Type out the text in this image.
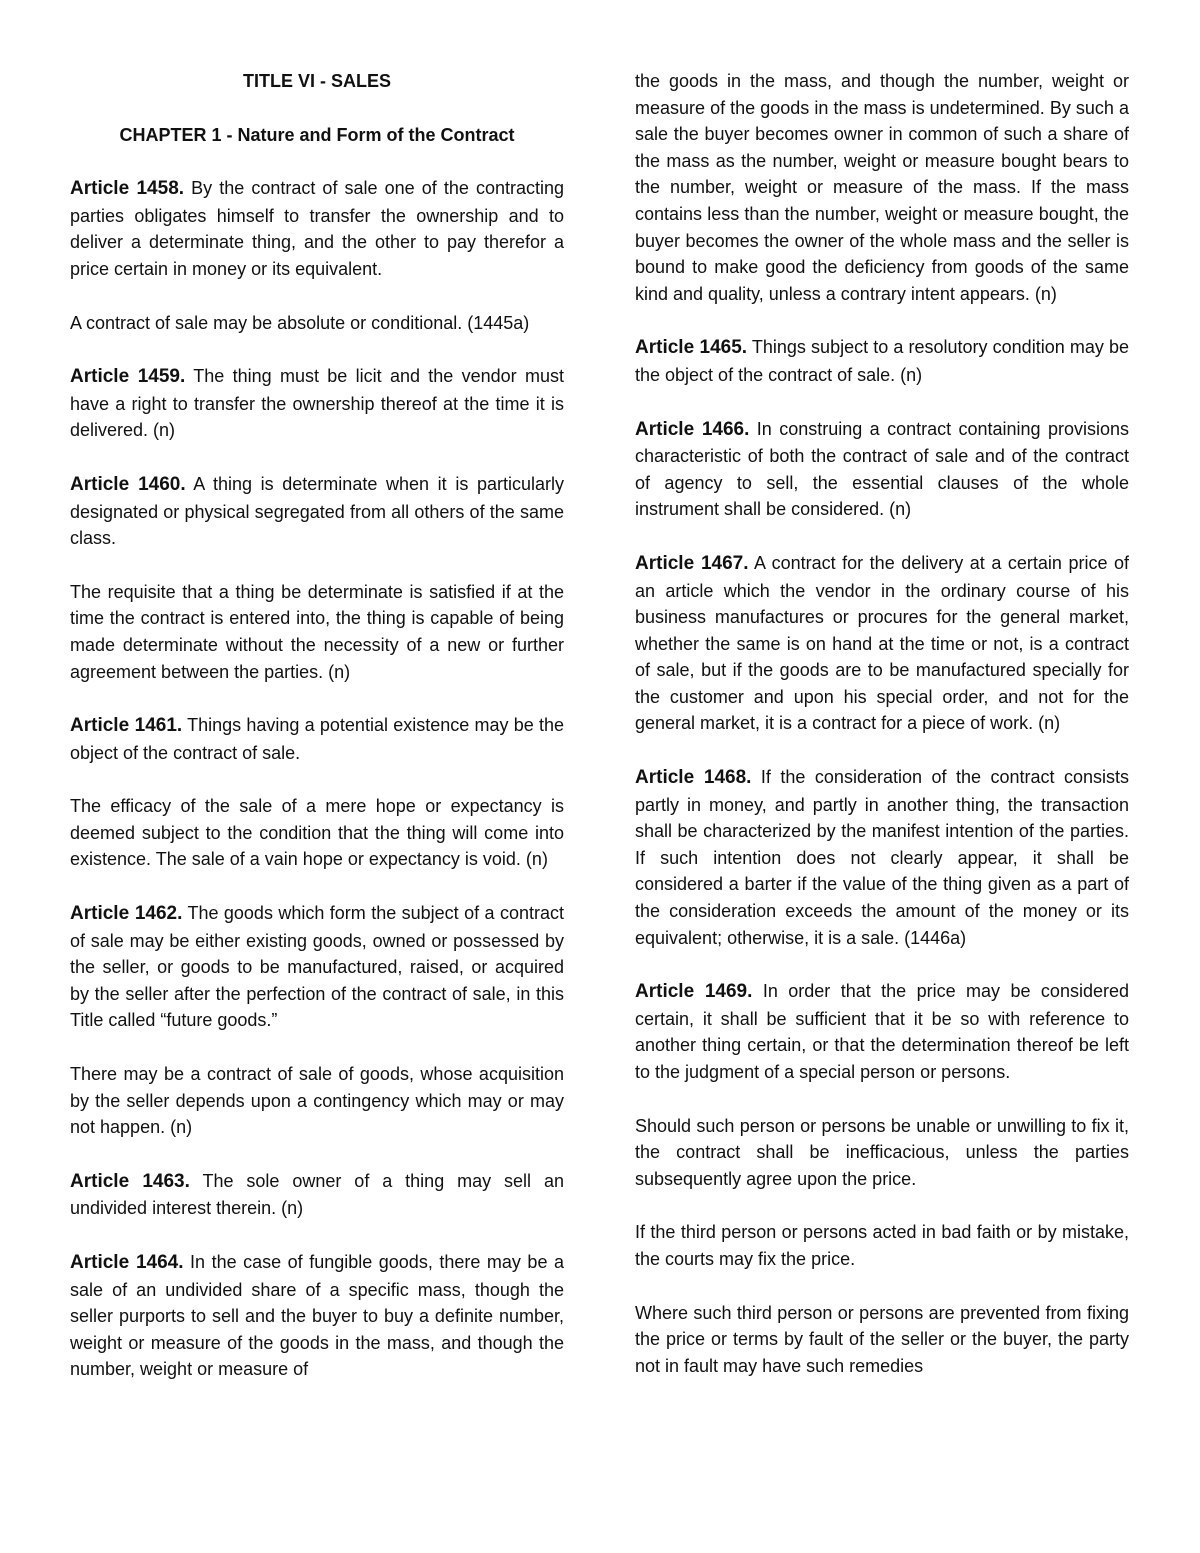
TITLE VI - SALES
CHAPTER 1 - Nature and Form of the Contract

Article 1458. By the contract of sale one of the contracting parties obligates himself to transfer the ownership and to deliver a determinate thing, and the other to pay therefor a price certain in money or its equivalent.

A contract of sale may be absolute or conditional. (1445a)

Article 1459. The thing must be licit and the vendor must have a right to transfer the ownership thereof at the time it is delivered. (n)

Article 1460. A thing is determinate when it is particularly designated or physical segregated from all others of the same class.

The requisite that a thing be determinate is satisfied if at the time the contract is entered into, the thing is capable of being made determinate without the necessity of a new or further agreement between the parties. (n)

Article 1461. Things having a potential existence may be the object of the contract of sale.

The efficacy of the sale of a mere hope or expectancy is deemed subject to the condition that the thing will come into existence. The sale of a vain hope or expectancy is void. (n)

Article 1462. The goods which form the subject of a contract of sale may be either existing goods, owned or possessed by the seller, or goods to be manufactured, raised, or acquired by the seller after the perfection of the contract of sale, in this Title called “future goods.”

There may be a contract of sale of goods, whose acquisition by the seller depends upon a contingency which may or may not happen. (n)

Article 1463. The sole owner of a thing may sell an undivided interest therein. (n)

Article 1464. In the case of fungible goods, there may be a sale of an undivided share of a specific mass, though the seller purports to sell and the buyer to buy a definite number, weight or measure of the goods in the mass, and though the number, weight or measure of

the goods in the mass, and though the number, weight or measure of the goods in the mass is undetermined. By such a sale the buyer becomes owner in common of such a share of the mass as the number, weight or measure bought bears to the number, weight or measure of the mass. If the mass contains less than the number, weight or measure bought, the buyer becomes the owner of the whole mass and the seller is bound to make good the deficiency from goods of the same kind and quality, unless a contrary intent appears. (n)

Article 1465. Things subject to a resolutory condition may be the object of the contract of sale. (n)

Article 1466. In construing a contract containing provisions characteristic of both the contract of sale and of the contract of agency to sell, the essential clauses of the whole instrument shall be considered. (n)

Article 1467. A contract for the delivery at a certain price of an article which the vendor in the ordinary course of his business manufactures or procures for the general market, whether the same is on hand at the time or not, is a contract of sale, but if the goods are to be manufactured specially for the customer and upon his special order, and not for the general market, it is a contract for a piece of work. (n)

Article 1468. If the consideration of the contract consists partly in money, and partly in another thing, the transaction shall be characterized by the manifest intention of the parties. If such intention does not clearly appear, it shall be considered a barter if the value of the thing given as a part of the consideration exceeds the amount of the money or its equivalent; otherwise, it is a sale. (1446a)

Article 1469. In order that the price may be considered certain, it shall be sufficient that it be so with reference to another thing certain, or that the determination thereof be left to the judgment of a special person or persons.

Should such person or persons be unable or unwilling to fix it, the contract shall be inefficacious, unless the parties subsequently agree upon the price.

If the third person or persons acted in bad faith or by mistake, the courts may fix the price.

Where such third person or persons are prevented from fixing the price or terms by fault of the seller or the buyer, the party not in fault may have such remedies
